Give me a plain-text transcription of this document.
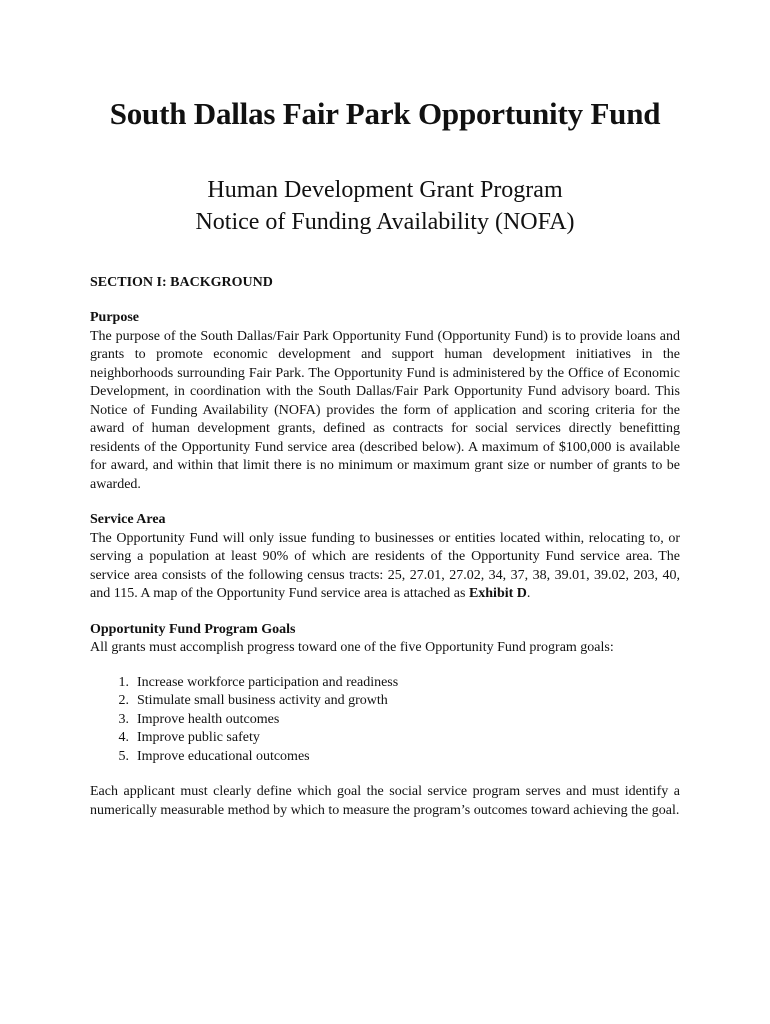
South Dallas Fair Park Opportunity Fund

Human Development Grant Program

Notice of Funding Availability (NOFA)

SECTION I: BACKGROUND

Purpose

The purpose of the South Dallas/Fair Park Opportunity Fund (Opportunity Fund) is to provide loans and grants to promote economic development and support human development initiatives in the neighborhoods surrounding Fair Park. The Opportunity Fund is administered by the Office of Economic Development, in coordination with the South Dallas/Fair Park Opportunity Fund advisory board. This Notice of Funding Availability (NOFA) provides the form of application and scoring criteria for the award of human development grants, defined as contracts for social services directly benefitting residents of the Opportunity Fund service area (described below). A maximum of $100,000 is available for award, and within that limit there is no minimum or maximum grant size or number of grants to be awarded.

Service Area

The Opportunity Fund will only issue funding to businesses or entities located within, relocating to, or serving a population at least 90% of which are residents of the Opportunity Fund service area. The service area consists of the following census tracts: 25, 27.01, 27.02, 34, 37, 38, 39.01, 39.02, 203, 40, and 115. A map of the Opportunity Fund service area is attached as Exhibit D.

Opportunity Fund Program Goals

All grants must accomplish progress toward one of the five Opportunity Fund program goals:

1. Increase workforce participation and readiness
2. Stimulate small business activity and growth
3. Improve health outcomes
4. Improve public safety
5. Improve educational outcomes

Each applicant must clearly define which goal the social service program serves and must identify a numerically measurable method by which to measure the program’s outcomes toward achieving the goal.
